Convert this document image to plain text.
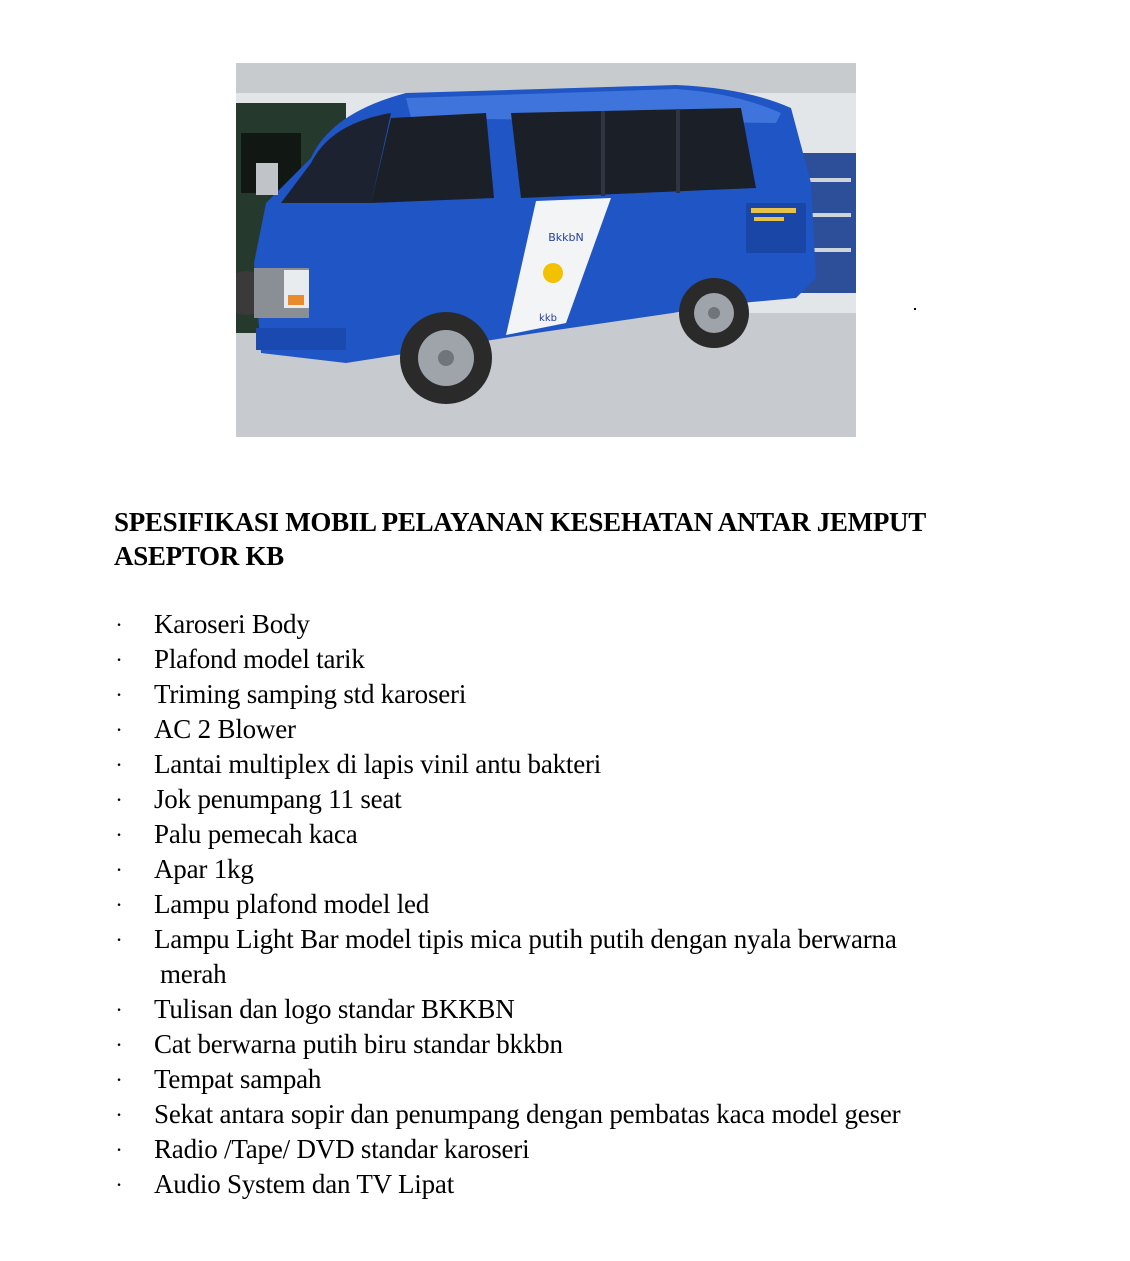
BkkbN
kkb
SPESIFIKASI MOBIL PELAYANAN KESEHATAN ANTAR JEMPUT ASEPTOR KB
· Karoseri Body
· Plafond model tarik
· Triming samping std karoseri
· AC 2 Blower
· Lantai multiplex di lapis vinil antu bakteri
· Jok penumpang 11 seat
· Palu pemecah kaca
· Apar 1kg
· Lampu plafond model led
· Lampu Light Bar model tipis mica putih putih dengan nyala berwarna
merah
· Tulisan dan logo standar BKKBN
· Cat berwarna putih biru standar bkkbn
· Tempat sampah
· Sekat antara sopir dan penumpang dengan pembatas kaca model geser
· Radio /Tape/ DVD standar karoseri
· Audio System dan TV Lipat
